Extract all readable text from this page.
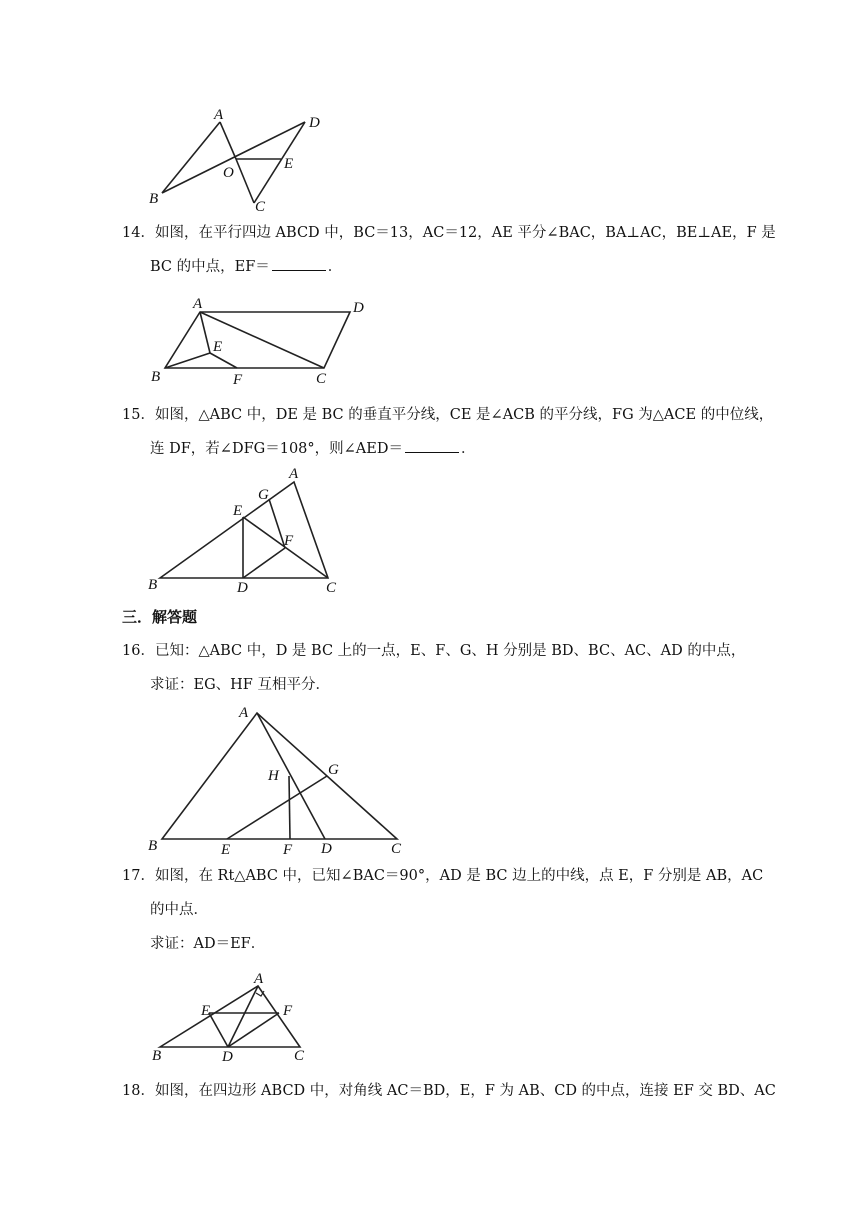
A
B	C
D
E
O
14．如图，在平行四边 ABCD 中，BC＝13，AC＝12，AE 平分∠BAC，BA⊥AC，BE⊥AE，F 是
BC 的中点，EF＝	．
A
B	C
D
E
F
15．如图，△ABC 中，DE 是 BC 的垂直平分线，CE 是∠ACB 的平分线，FG 为△ACE 的中位线，
连 DF，若∠DFG＝108°，则∠AED＝	．
A
B	C
D
E
F
G
三．解答题
16．已知：△ABC 中，D 是 BC 上的一点，E、F、G、H 分别是 BD、BC、AC、AD 的中点，
求证：EG、HF 互相平分．
A
B	C
D
E	F
G
H
17．如图，在 Rt△ABC 中，已知∠BAC＝90°，AD 是 BC 边上的中线，点 E，F 分别是 AB，AC
的中点．
求证：AD＝EF．
A
B	C
D
E	F
18．如图，在四边形 ABCD 中，对角线 AC＝BD，E，F 为 AB、CD 的中点，连接 EF 交 BD、AC
